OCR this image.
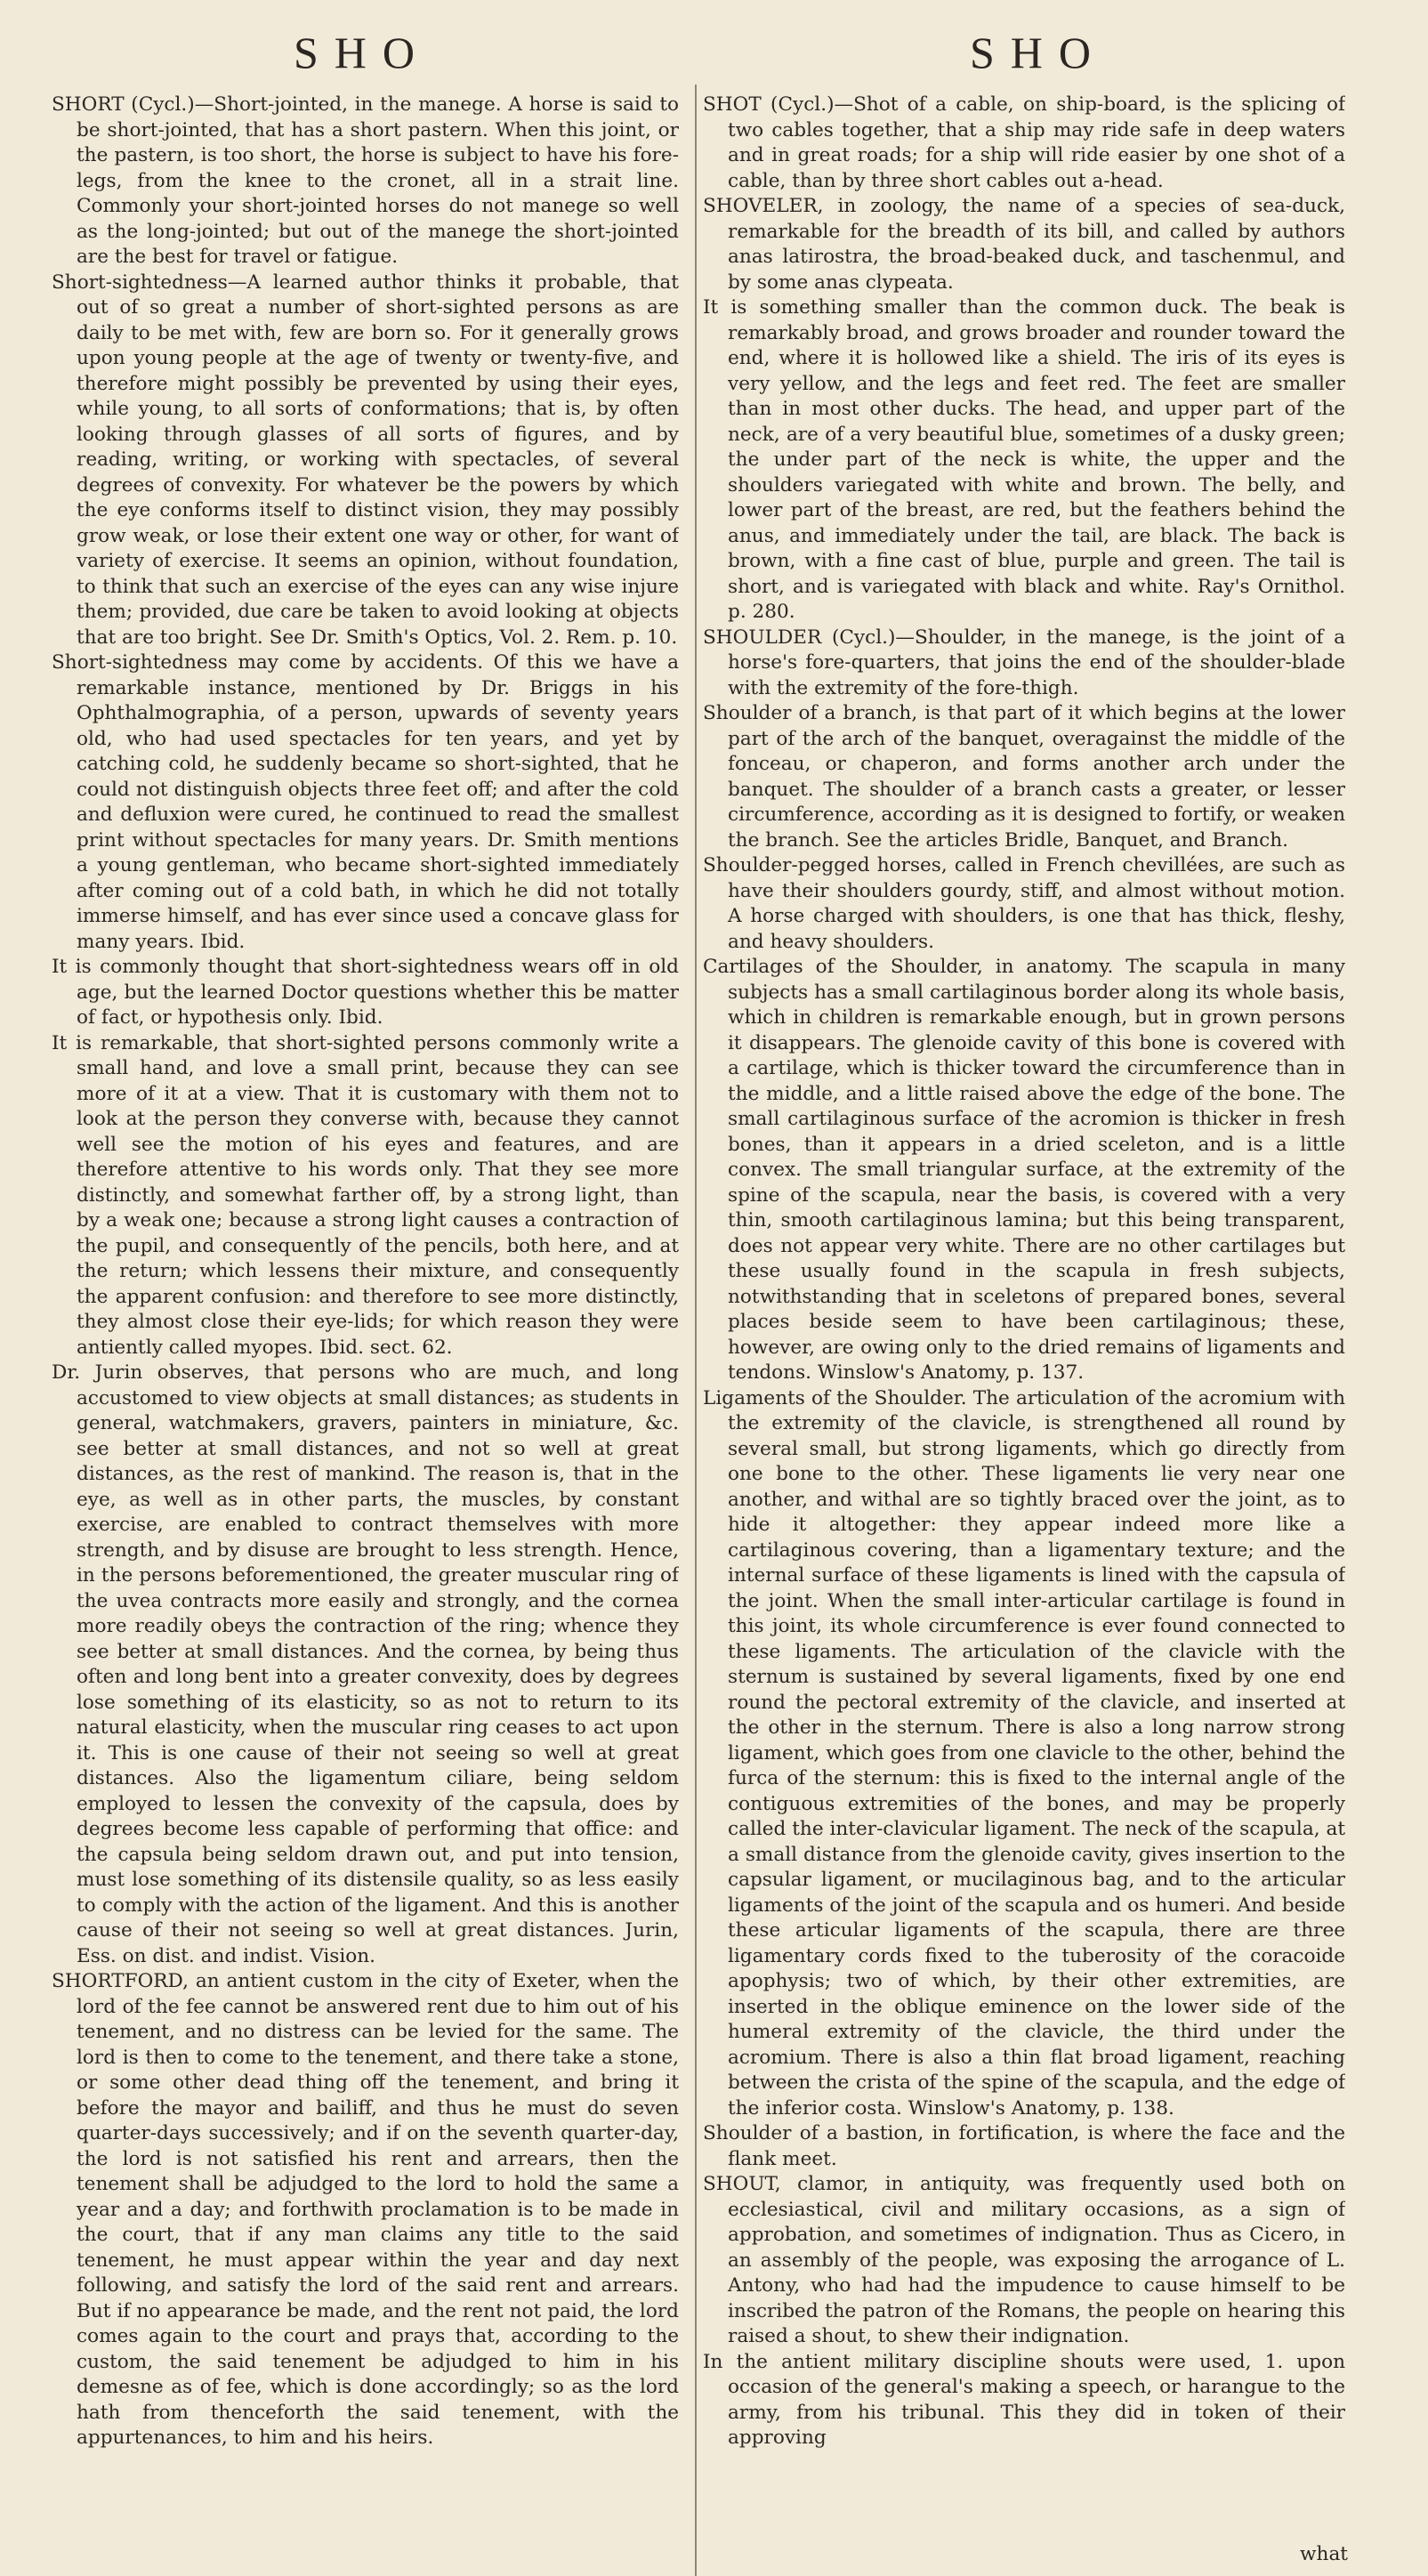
SHO	SHO

SHORT (Cycl.)—Short-jointed, in the manege. A horse is said to be short-jointed, that has a short pastern. When this joint, or the pastern, is too short, the horse is subject to have his fore-legs, from the knee to the cronet, all in a strait line. Commonly your short-jointed horses do not manege so well as the long-jointed; but out of the manege the short-jointed are the best for travel or fatigue.

Short-sightedness—A learned author thinks it probable, that out of so great a number of short-sighted persons as are daily to be met with, few are born so. For it generally grows upon young people at the age of twenty or twenty-five, and therefore might possibly be prevented by using their eyes, while young, to all sorts of conformations; that is, by often looking through glasses of all sorts of figures, and by reading, writing, or working with spectacles, of several degrees of convexity. For whatever be the powers by which the eye conforms itself to distinct vision, they may possibly grow weak, or lose their extent one way or other, for want of variety of exercise. It seems an opinion, without foundation, to think that such an exercise of the eyes can any wise injure them; provided, due care be taken to avoid looking at objects that are too bright. See Dr. Smith's Optics, Vol. 2. Rem. p. 10.

Short-sightedness may come by accidents. Of this we have a remarkable instance, mentioned by Dr. Briggs in his Ophthalmographia, of a person, upwards of seventy years old, who had used spectacles for ten years, and yet by catching cold, he suddenly became so short-sighted, that he could not distinguish objects three feet off; and after the cold and defluxion were cured, he continued to read the smallest print without spectacles for many years. Dr. Smith mentions a young gentleman, who became short-sighted immediately after coming out of a cold bath, in which he did not totally immerse himself, and has ever since used a concave glass for many years. Ibid.

It is commonly thought that short-sightedness wears off in old age, but the learned Doctor questions whether this be matter of fact, or hypothesis only. Ibid.

It is remarkable, that short-sighted persons commonly write a small hand, and love a small print, because they can see more of it at a view. That it is customary with them not to look at the person they converse with, because they cannot well see the motion of his eyes and features, and are therefore attentive to his words only. That they see more distinctly, and somewhat farther off, by a strong light, than by a weak one; because a strong light causes a contraction of the pupil, and consequently of the pencils, both here, and at the return; which lessens their mixture, and consequently the apparent confusion: and therefore to see more distinctly, they almost close their eye-lids; for which reason they were antiently called myopes. Ibid. sect. 62.

Dr. Jurin observes, that persons who are much, and long accustomed to view objects at small distances; as students in general, watchmakers, gravers, painters in miniature, &c. see better at small distances, and not so well at great distances, as the rest of mankind. The reason is, that in the eye, as well as in other parts, the muscles, by constant exercise, are enabled to contract themselves with more strength, and by disuse are brought to less strength. Hence, in the persons beforementioned, the greater muscular ring of the uvea contracts more easily and strongly, and the cornea more readily obeys the contraction of the ring; whence they see better at small distances. And the cornea, by being thus often and long bent into a greater convexity, does by degrees lose something of its elasticity, so as not to return to its natural elasticity, when the muscular ring ceases to act upon it. This is one cause of their not seeing so well at great distances. Also the ligamentum ciliare, being seldom employed to lessen the convexity of the capsula, does by degrees become less capable of performing that office: and the capsula being seldom drawn out, and put into tension, must lose something of its distensile quality, so as less easily to comply with the action of the ligament. And this is another cause of their not seeing so well at great distances. Jurin, Ess. on dist. and indist. Vision.

SHORTFORD, an antient custom in the city of Exeter, when the lord of the fee cannot be answered rent due to him out of his tenement, and no distress can be levied for the same. The lord is then to come to the tenement, and there take a stone, or some other dead thing off the tenement, and bring it before the mayor and bailiff, and thus he must do seven quarter-days successively; and if on the seventh quarter-day, the lord is not satisfied his rent and arrears, then the tenement shall be adjudged to the lord to hold the same a year and a day; and forthwith proclamation is to be made in the court, that if any man claims any title to the said tenement, he must appear within the year and day next following, and satisfy the lord of the said rent and arrears. But if no appearance be made, and the rent not paid, the lord comes again to the court and prays that, according to the custom, the said tenement be adjudged to him in his demesne as of fee, which is done accordingly; so as the lord hath from thenceforth the said tenement, with the appurtenances, to him and his heirs.

SHOT (Cycl.)—Shot of a cable, on ship-board, is the splicing of two cables together, that a ship may ride safe in deep waters and in great roads; for a ship will ride easier by one shot of a cable, than by three short cables out a-head.

SHOVELER, in zoology, the name of a species of sea-duck, remarkable for the breadth of its bill, and called by authors anas latirostra, the broad-beaked duck, and taschenmul, and by some anas clypeata.

It is something smaller than the common duck. The beak is remarkably broad, and grows broader and rounder toward the end, where it is hollowed like a shield. The iris of its eyes is very yellow, and the legs and feet red. The feet are smaller than in most other ducks. The head, and upper part of the neck, are of a very beautiful blue, sometimes of a dusky green; the under part of the neck is white, the upper and the shoulders variegated with white and brown. The belly, and lower part of the breast, are red, but the feathers behind the anus, and immediately under the tail, are black. The back is brown, with a fine cast of blue, purple and green. The tail is short, and is variegated with black and white. Ray's Ornithol. p. 280.

SHOULDER (Cycl.)—Shoulder, in the manege, is the joint of a horse's fore-quarters, that joins the end of the shoulder-blade with the extremity of the fore-thigh.

Shoulder of a branch, is that part of it which begins at the lower part of the arch of the banquet, overagainst the middle of the fonceau, or chaperon, and forms another arch under the banquet. The shoulder of a branch casts a greater, or lesser circumference, according as it is designed to fortify, or weaken the branch. See the articles Bridle, Banquet, and Branch.

Shoulder-pegged horses, called in French chevillées, are such as have their shoulders gourdy, stiff, and almost without motion. A horse charged with shoulders, is one that has thick, fleshy, and heavy shoulders.

Cartilages of the Shoulder, in anatomy. The scapula in many subjects has a small cartilaginous border along its whole basis, which in children is remarkable enough, but in grown persons it disappears. The glenoide cavity of this bone is covered with a cartilage, which is thicker toward the circumference than in the middle, and a little raised above the edge of the bone. The small cartilaginous surface of the acromion is thicker in fresh bones, than it appears in a dried sceleton, and is a little convex. The small triangular surface, at the extremity of the spine of the scapula, near the basis, is covered with a very thin, smooth cartilaginous lamina; but this being transparent, does not appear very white. There are no other cartilages but these usually found in the scapula in fresh subjects, notwithstanding that in sceletons of prepared bones, several places beside seem to have been cartilaginous; these, however, are owing only to the dried remains of ligaments and tendons. Winslow's Anatomy, p. 137.

Ligaments of the Shoulder. The articulation of the acromium with the extremity of the clavicle, is strengthened all round by several small, but strong ligaments, which go directly from one bone to the other. These ligaments lie very near one another, and withal are so tightly braced over the joint, as to hide it altogether: they appear indeed more like a cartilaginous covering, than a ligamentary texture; and the internal surface of these ligaments is lined with the capsula of the joint. When the small inter-articular cartilage is found in this joint, its whole circumference is ever found connected to these ligaments. The articulation of the clavicle with the sternum is sustained by several ligaments, fixed by one end round the pectoral extremity of the clavicle, and inserted at the other in the sternum. There is also a long narrow strong ligament, which goes from one clavicle to the other, behind the furca of the sternum: this is fixed to the internal angle of the contiguous extremities of the bones, and may be properly called the inter-clavicular ligament. The neck of the scapula, at a small distance from the glenoide cavity, gives insertion to the capsular ligament, or mucilaginous bag, and to the articular ligaments of the joint of the scapula and os humeri. And beside these articular ligaments of the scapula, there are three ligamentary cords fixed to the tuberosity of the coracoide apophysis; two of which, by their other extremities, are inserted in the oblique eminence on the lower side of the humeral extremity of the clavicle, the third under the acromium. There is also a thin flat broad ligament, reaching between the crista of the spine of the scapula, and the edge of the inferior costa. Winslow's Anatomy, p. 138.

Shoulder of a bastion, in fortification, is where the face and the flank meet.

SHOUT, clamor, in antiquity, was frequently used both on ecclesiastical, civil and military occasions, as a sign of approbation, and sometimes of indignation. Thus as Cicero, in an assembly of the people, was exposing the arrogance of L. Antony, who had had the impudence to cause himself to be inscribed the patron of the Romans, the people on hearing this raised a shout, to shew their indignation.

In the antient military discipline shouts were used, 1. upon occasion of the general's making a speech, or harangue to the army, from his tribunal. This they did in token of their approving

what
